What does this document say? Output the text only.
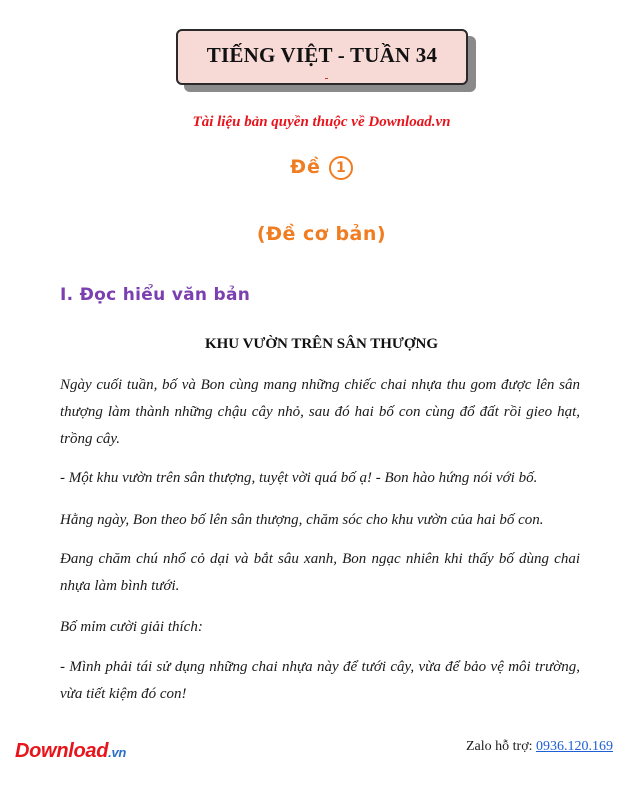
TIẾNG VIỆT - TUẦN 34
Tài liệu bản quyền thuộc về Download.vn
Đề 1
(Đề cơ bản)
I. Đọc hiểu văn bản
KHU VƯỜN TRÊN SÂN THƯỢNG

Ngày cuối tuần, bố và Bon cùng mang những chiếc chai nhựa thu gom được lên sân thượng làm thành những chậu cây nhỏ, sau đó hai bố con cùng đổ đất rồi gieo hạt, trồng cây.

- Một khu vườn trên sân thượng, tuyệt vời quá bố ạ! - Bon hào hứng nói với bố.

Hằng ngày, Bon theo bố lên sân thượng, chăm sóc cho khu vườn của hai bố con.

Đang chăm chú nhổ cỏ dại và bắt sâu xanh, Bon ngạc nhiên khi thấy bố dùng chai nhựa làm bình tưới.

Bố mỉm cười giải thích:

- Mình phải tái sử dụng những chai nhựa này để tưới cây, vừa để bảo vệ môi trường, vừa tiết kiệm đó con!

Download.vn	Zalo hỗ trợ: 0936.120.169
